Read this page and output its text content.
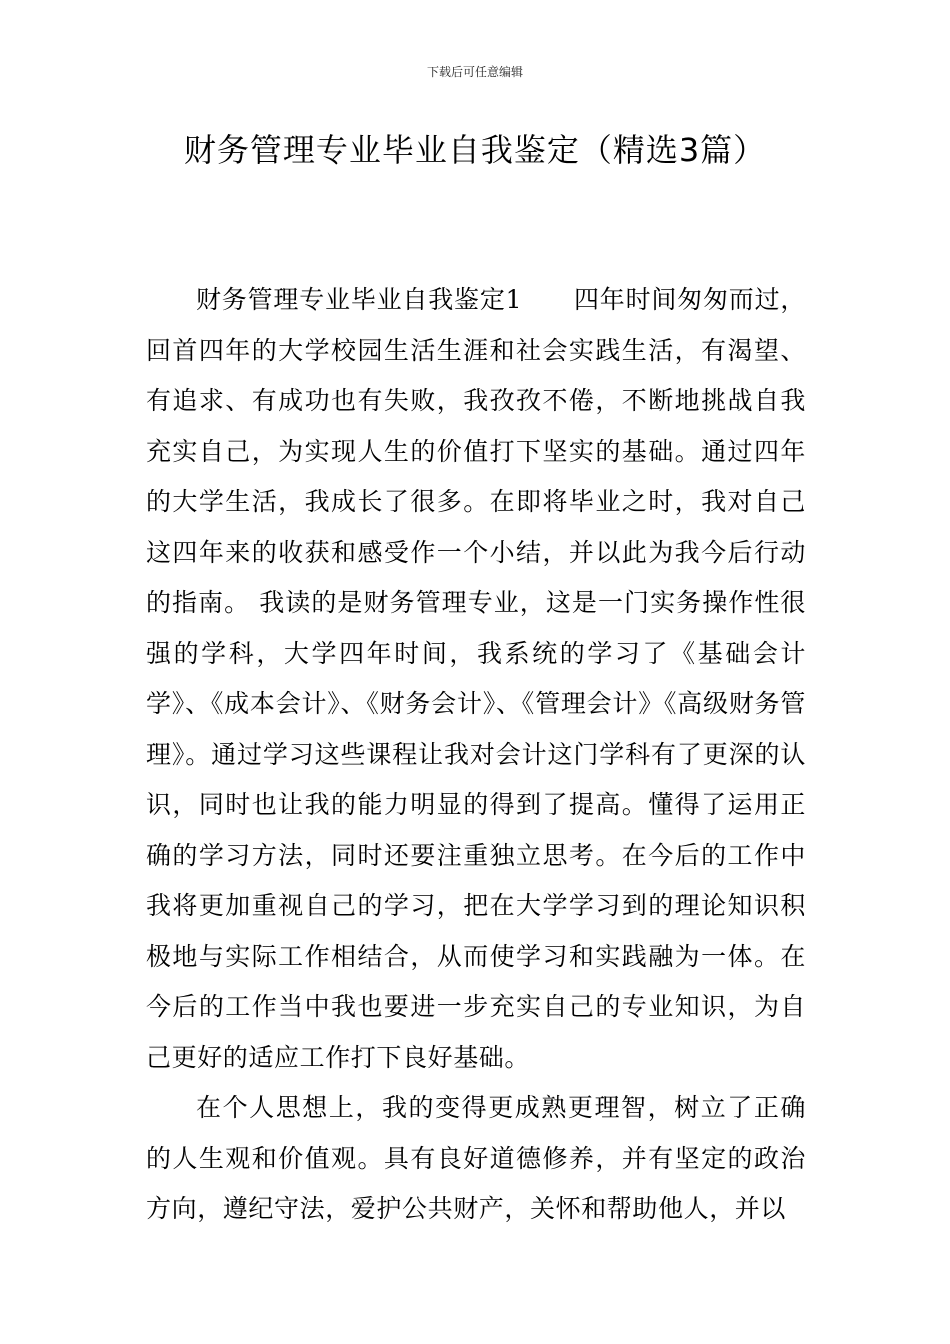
下载后可任意编辑
财务管理专业毕业自我鉴定（精选3篇）

财务管理专业毕业自我鉴定1　　四年时间匆匆而过，回首四年的大学校园生活生涯和社会实践生活，有渴望、有追求、有成功也有失败，我孜孜不倦，不断地挑战自我充实自己，为实现人生的价值打下坚实的基础。通过四年的大学生活，我成长了很多。在即将毕业之时，我对自己这四年来的收获和感受作一个小结，并以此为我今后行动的指南。 我读的是财务管理专业，这是一门实务操作性很强的学科，大学四年时间，我系统的学习了《基础会计学》、《成本会计》、《财务会计》、《管理会计》《高级财务管理》。通过学习这些课程让我对会计这门学科有了更深的认识，同时也让我的能力明显的得到了提高。懂得了运用正确的学习方法，同时还要注重独立思考。在今后的工作中我将更加重视自己的学习，把在大学学习到的理论知识积极地与实际工作相结合，从而使学习和实践融为一体。在今后的工作当中我也要进一步充实自己的专业知识，为自己更好的适应工作打下良好基础。

在个人思想上，我的变得更成熟更理智，树立了正确的人生观和价值观。具有良好道德修养，并有坚定的政治方向，遵纪守法，爱护公共财产，关怀和帮助他人，并以
